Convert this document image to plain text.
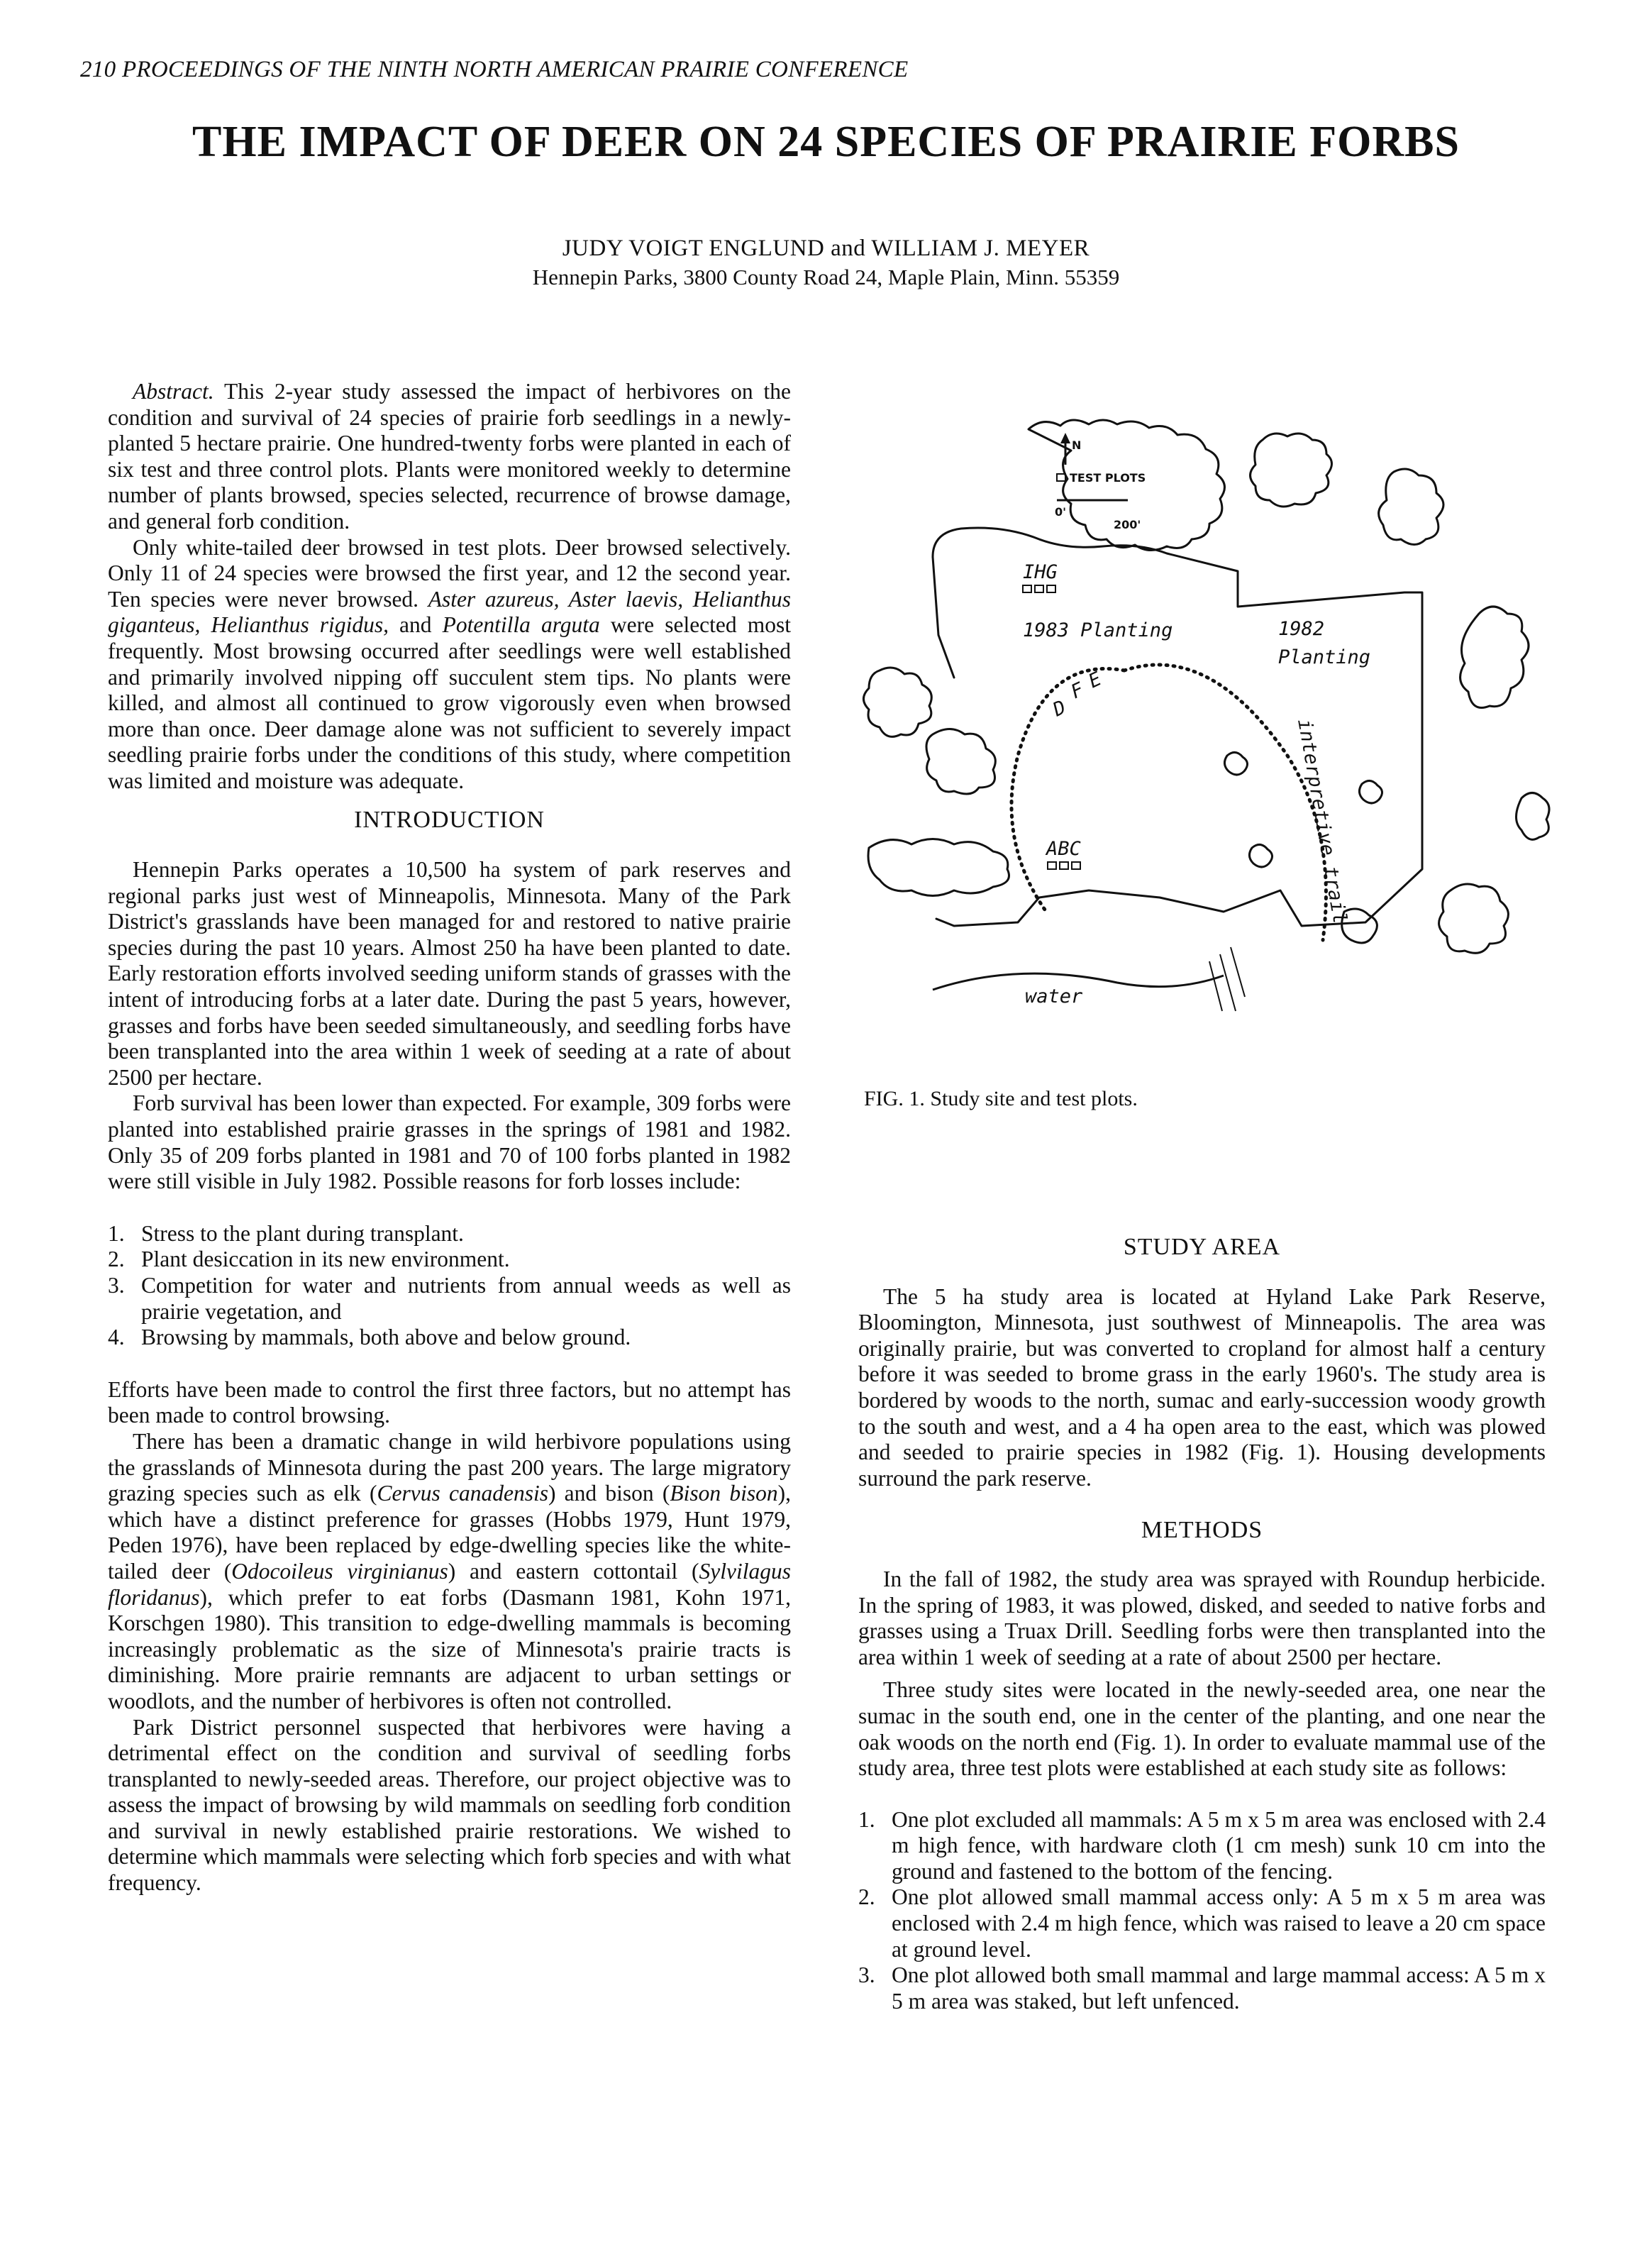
210 PROCEEDINGS OF THE NINTH NORTH AMERICAN PRAIRIE CONFERENCE
THE IMPACT OF DEER ON 24 SPECIES OF PRAIRIE FORBS
JUDY VOIGT ENGLUND and WILLIAM J. MEYER
Hennepin Parks, 3800 County Road 24, Maple Plain, Minn. 55359

Abstract. This 2-year study assessed the impact of herbivores on the condition and survival of 24 species of prairie forb seedlings in a newly-planted 5 hectare prairie. One hundred-twenty forbs were planted in each of six test and three control plots. Plants were monitored weekly to determine number of plants browsed, species selected, recurrence of browse damage, and general forb condition.

Only white-tailed deer browsed in test plots. Deer browsed selectively. Only 11 of 24 species were browsed the first year, and 12 the second year. Ten species were never browsed. Aster azureus, Aster laevis, Helianthus giganteus, Helianthus rigidus, and Potentilla arguta were selected most frequently. Most browsing occurred after seedlings were well established and primarily involved nipping off succulent stem tips. No plants were killed, and almost all continued to grow vigorously even when browsed more than once. Deer damage alone was not sufficient to severely impact seedling prairie forbs under the conditions of this study, where competition was limited and moisture was adequate.

INTRODUCTION

Hennepin Parks operates a 10,500 ha system of park reserves and regional parks just west of Minneapolis, Minnesota. Many of the Park District's grasslands have been managed for and restored to native prairie species during the past 10 years. Almost 250 ha have been planted to date. Early restoration efforts involved seeding uniform stands of grasses with the intent of introducing forbs at a later date. During the past 5 years, however, grasses and forbs have been seeded simultaneously, and seedling forbs have been transplanted into the area within 1 week of seeding at a rate of about 2500 per hectare.

Forb survival has been lower than expected. For example, 309 forbs were planted into established prairie grasses in the springs of 1981 and 1982. Only 35 of 209 forbs planted in 1981 and 70 of 100 forbs planted in 1982 were still visible in July 1982. Possible reasons for forb losses include:

1. Stress to the plant during transplant.
2. Plant desiccation in its new environment.
3. Competition for water and nutrients from annual weeds as well as prairie vegetation, and
4. Browsing by mammals, both above and below ground.

Efforts have been made to control the first three factors, but no attempt has been made to control browsing.

There has been a dramatic change in wild herbivore populations using the grasslands of Minnesota during the past 200 years. The large migratory grazing species such as elk (Cervus canadensis) and bison (Bison bison), which have a distinct preference for grasses (Hobbs 1979, Hunt 1979, Peden 1976), have been replaced by edge-dwelling species like the white-tailed deer (Odocoileus virginianus) and eastern cottontail (Sylvilagus floridanus), which prefer to eat forbs (Dasmann 1981, Kohn 1971, Korschgen 1980). This transition to edge-dwelling mammals is becoming increasingly problematic as the size of Minnesota's prairie tracts is diminishing. More prairie remnants are adjacent to urban settings or woodlots, and the number of herbivores is often not controlled.

Park District personnel suspected that herbivores were having a detrimental effect on the condition and survival of seedling forbs transplanted to newly-seeded areas. Therefore, our project objective was to assess the impact of browsing by wild mammals on seedling forb condition and survival in newly established prairie restorations. We wished to determine which mammals were selecting which forb species and with what frequency.

N
TEST PLOTS
0'
200'
IHG
1983 Planting	1982
Planting
D
F
E
ABC	interpretive trail
water
FIG. 1. Study site and test plots.
STUDY AREA

The 5 ha study area is located at Hyland Lake Park Reserve, Bloomington, Minnesota, just southwest of Minneapolis. The area was originally prairie, but was converted to cropland for almost half a century before it was seeded to brome grass in the early 1960's. The study area is bordered by woods to the north, sumac and early-succession woody growth to the south and west, and a 4 ha open area to the east, which was plowed and seeded to prairie species in 1982 (Fig. 1). Housing developments surround the park reserve.

METHODS

In the fall of 1982, the study area was sprayed with Roundup herbicide. In the spring of 1983, it was plowed, disked, and seeded to native forbs and grasses using a Truax Drill. Seedling forbs were then transplanted into the area within 1 week of seeding at a rate of about 2500 per hectare.

Three study sites were located in the newly-seeded area, one near the sumac in the south end, one in the center of the planting, and one near the oak woods on the north end (Fig. 1). In order to evaluate mammal use of the study area, three test plots were established at each study site as follows:

1. One plot excluded all mammals: A 5 m x 5 m area was enclosed with 2.4 m high fence, with hardware cloth (1 cm mesh) sunk 10 cm into the ground and fastened to the bottom of the fencing.
2. One plot allowed small mammal access only: A 5 m x 5 m area was enclosed with 2.4 m high fence, which was raised to leave a 20 cm space at ground level.
3. One plot allowed both small mammal and large mammal access: A 5 m x 5 m area was staked, but left unfenced.
